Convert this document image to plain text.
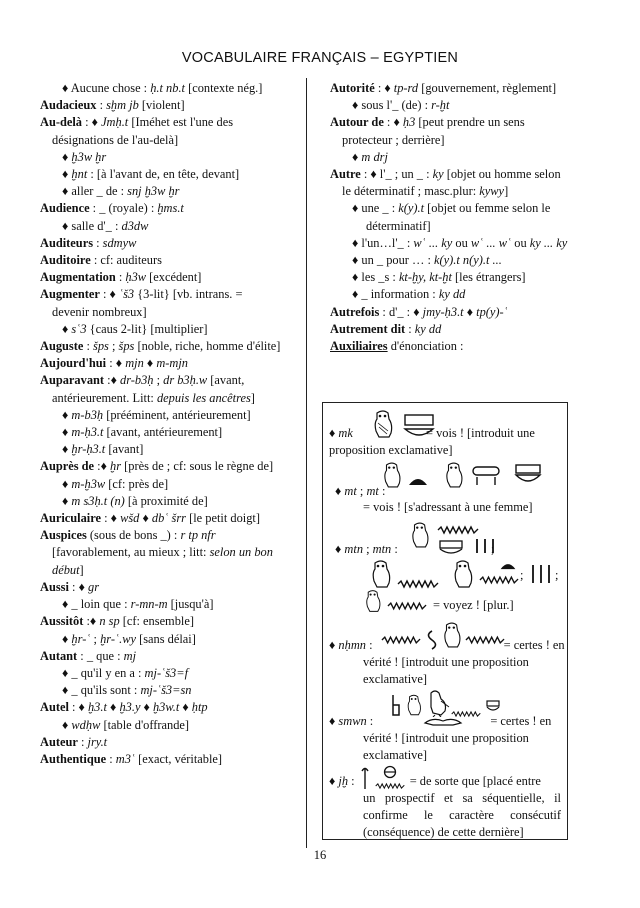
VOCABULAIRE FRANÇAIS – EGYPTIEN

♦ Aucune chose : ḥ.t nb.t [contexte nég.]

Audacieux : sḫm jb [violent]

Au-delà : ♦ Jmḥ.t [Iméhet est l'une des désignations de l'au-delà]

♦ ḫ3w ḫr

♦ ḫnt : [à l'avant de, en tête, devant]

♦ aller _ de : snj ḫ3w ḫr

Audience : _ (royale) : ḫms.t

♦ salle d'_ : d3dw

Auditeurs : sdmyw

Auditoire : cf: auditeurs

Augmentation : ḥ3w [excédent]

Augmenter : ♦ ʿš3 {3-lit} [vb. intrans. = devenir nombreux]

♦ sʿ3 {caus 2-lit} [multiplier]

Auguste : šps ; šps [noble, riche, homme d'élite]

Aujourd'hui : ♦ mjn ♦ m-mjn

Auparavant :♦ dr-b3ḥ ; dr b3ḥ.w [avant, antérieurement. Litt: depuis les ancêtres]

♦ m-b3ḥ [prééminent, antérieurement]

♦ m-ḥ3.t [avant, antérieurement]

♦ ḫr-ḥ3.t [avant]

Auprès de :♦ ḫr [près de ; cf: sous le règne de]

♦ m-ḫ3w [cf: près de]

♦ m s3ḥ.t (n) [à proximité de]

Auriculaire : ♦ wšd ♦ dbʿ šrr [le petit doigt]

Auspices (sous de bons _) : r tp nfr [favorablement, au mieux ; litt: selon un bon début]

Aussi : ♦ gr

♦ _ loin que : r-mn-m [jusqu'à]

Aussitôt :♦ n sp [cf: ensemble]

♦ ḫr-ʿ ; ḫr-ʿ.wy [sans délai]

Autant : _ que : mj

♦ _ qu'il y en a : mj-ʿš3=f

♦ _ qu'ils sont : mj-ʿš3=sn

Autel : ♦ ḫ3.t ♦ ḫ3.y ♦ ḫ3w.t ♦ ḥtp

♦ wdḥw [table d'offrande]

Auteur : jry.t

Authentique : m3ʿ [exact, véritable]

Autorité : ♦ tp-rd [gouvernement, règlement]

♦ sous l'_ (de) : r-ḫt

Autour de : ♦ ḥ3 [peut prendre un sens protecteur ; derrière]

♦ m drj

Autre : ♦ l'_ ; un _ : ky [objet ou homme selon le déterminatif ; masc.plur: kywy]

♦ une _ : k(y).t [objet ou femme selon le déterminatif]

♦ l'un…l'_ : wʿ ... ky ou wʿ ... wʿ ou ky ... ky

♦ un _ pour … : k(y).t n(y).t ...

♦ les _s : kt-ḫy, kt-ḫt [les étrangers]

♦ _ information : ky dd

Autrefois : d'_ : ♦ jmy-ḥ3.t ♦ tp(y)-ʿ

Autrement dit : ky dd

Auxiliaires d'énonciation :

♦ mk	= vois ! [introduit une proposition exclamative]
♦ mt ; mt :
= vois ! [s'adressant à une femme]
♦ mtn ; mtn :	;
;	;
= voyez ! [plur.]
♦ nḥmn :	= certes ! en
vérité ! [introduit une proposition exclamative]
♦ smwn :	= certes ! en
vérité ! [introduit une proposition exclamative]
♦ jḫ :	= de sorte que [placé entre
un prospectif et sa séquentielle, il confirme le caractère consécutif (conséquence) de cette dernière]
16
